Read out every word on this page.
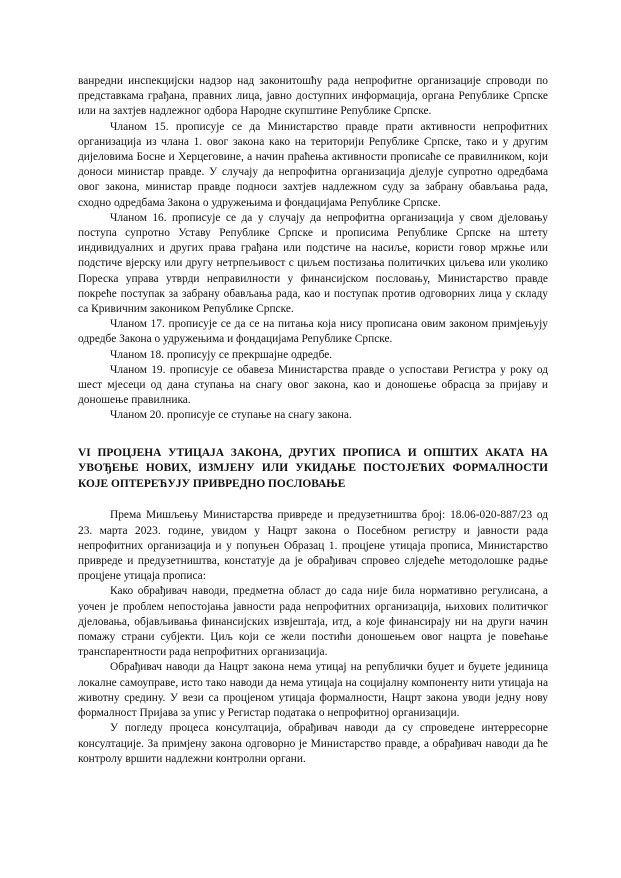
ванредни инспекцијски надзор над законитошћу рада непрофитне организације спроводи по представкама грађана, правних лица, јавно доступних информација, органа Републике Српске или на захтјев надлежног одбора Народне скупштине Републике Српске.

Чланом 15. прописује се да Министарство правде прати активности непрофитних организација из члана 1. овог закона како на територији Републике Српске, тако и у другим дијеловима Босне и Херцеговине, а начин праћења активности прописаће се правилником, који доноси министар правде. У случају да непрофитна организација дјелује супротно одредбама овог закона, министар правде подноси захтјев надлежном суду за забрану обављања рада, сходно одредбама Закона о удружењима и фондацијама Републике Српске.

Чланом 16. прописује се да у случају да непрофитна организација у свом дјеловању поступа супротно Уставу Републике Српске и прописима Републике Српске на штету индивидуалних и других права грађана или подстиче на насиље, користи говор мржње или подстиче вјерску или другу нетрпељивост с циљем постизања политичких циљева или уколико Пореска управа утврди неправилности у финансијском пословању, Министарство правде покреће поступак за забрану обављања рада, као и поступак против одговорних лица у складу са Кривичним закоником Републике Српске.

Чланом 17. прописује се да се на питања која нису прописана овим законом примјењују одредбе Закона о удружењима и фондацијама Републике Српске.

Чланом 18. прописују се прекршајне одредбе.

Чланом 19. прописује се обавеза Министарства правде о успостави Регистра у року од шест мјесеци од дана ступања на снагу овог закона, као и доношење обрасца за пријаву и доношење правилника.

Чланом 20. прописује се ступање на снагу закона.

VI ПРОЦЈЕНА УТИЦАЈА ЗАКОНА, ДРУГИХ ПРОПИСА И ОПШТИХ АКАТА НА УВОЂЕЊЕ НОВИХ, ИЗМЈЕНУ ИЛИ УКИДАЊЕ ПОСТОЈЕЋИХ ФОРМАЛНОСТИ КОЈЕ ОПТЕРЕЋУЈУ ПРИВРЕДНО ПОСЛОВАЊЕ

Према Мишљењу Министарства привреде и предузетништва број: 18.06-020-887/23 од 23. марта 2023. године, увидом у Нацрт закона о Посебном регистру и јавности рада непрофитних организација и у попуњен Образац 1. процјене утицаја прописа, Министарство привреде и предузетништва, констатује да је обрађивач спровео слједеће методолошке радње процјене утицаја прописа:

Како обрађивач наводи, предметна област до сада није била нормативно регулисана, а уочен је проблем непостојања јавности рада непрофитних организација, њихових политичког дјеловања, објављивања финансијских извјештаја, итд, а које финансирају ни на други начин помажу страни субјекти. Циљ који се жели постићи доношењем овог нацрта је повећање транспарентности рада непрофитних организација.

Обрађивач наводи да Нацрт закона нема утицај на републички буџет и буџете јединица локалне самоуправе, исто тако наводи да нема утицаја на социјалну компоненту нити утицаја на животну средину. У вези са процјеном утицаја формалности, Нацрт закона уводи једну нову формалност Пријава за упис у Регистар података о непрофитној организацији.

У погледу процеса консултација, обрађивач наводи да су спроведене интерресорне консултације. За примјену закона одговорно је Министарство правде, а обрађивач наводи да ће контролу вршити надлежни контролни органи.
